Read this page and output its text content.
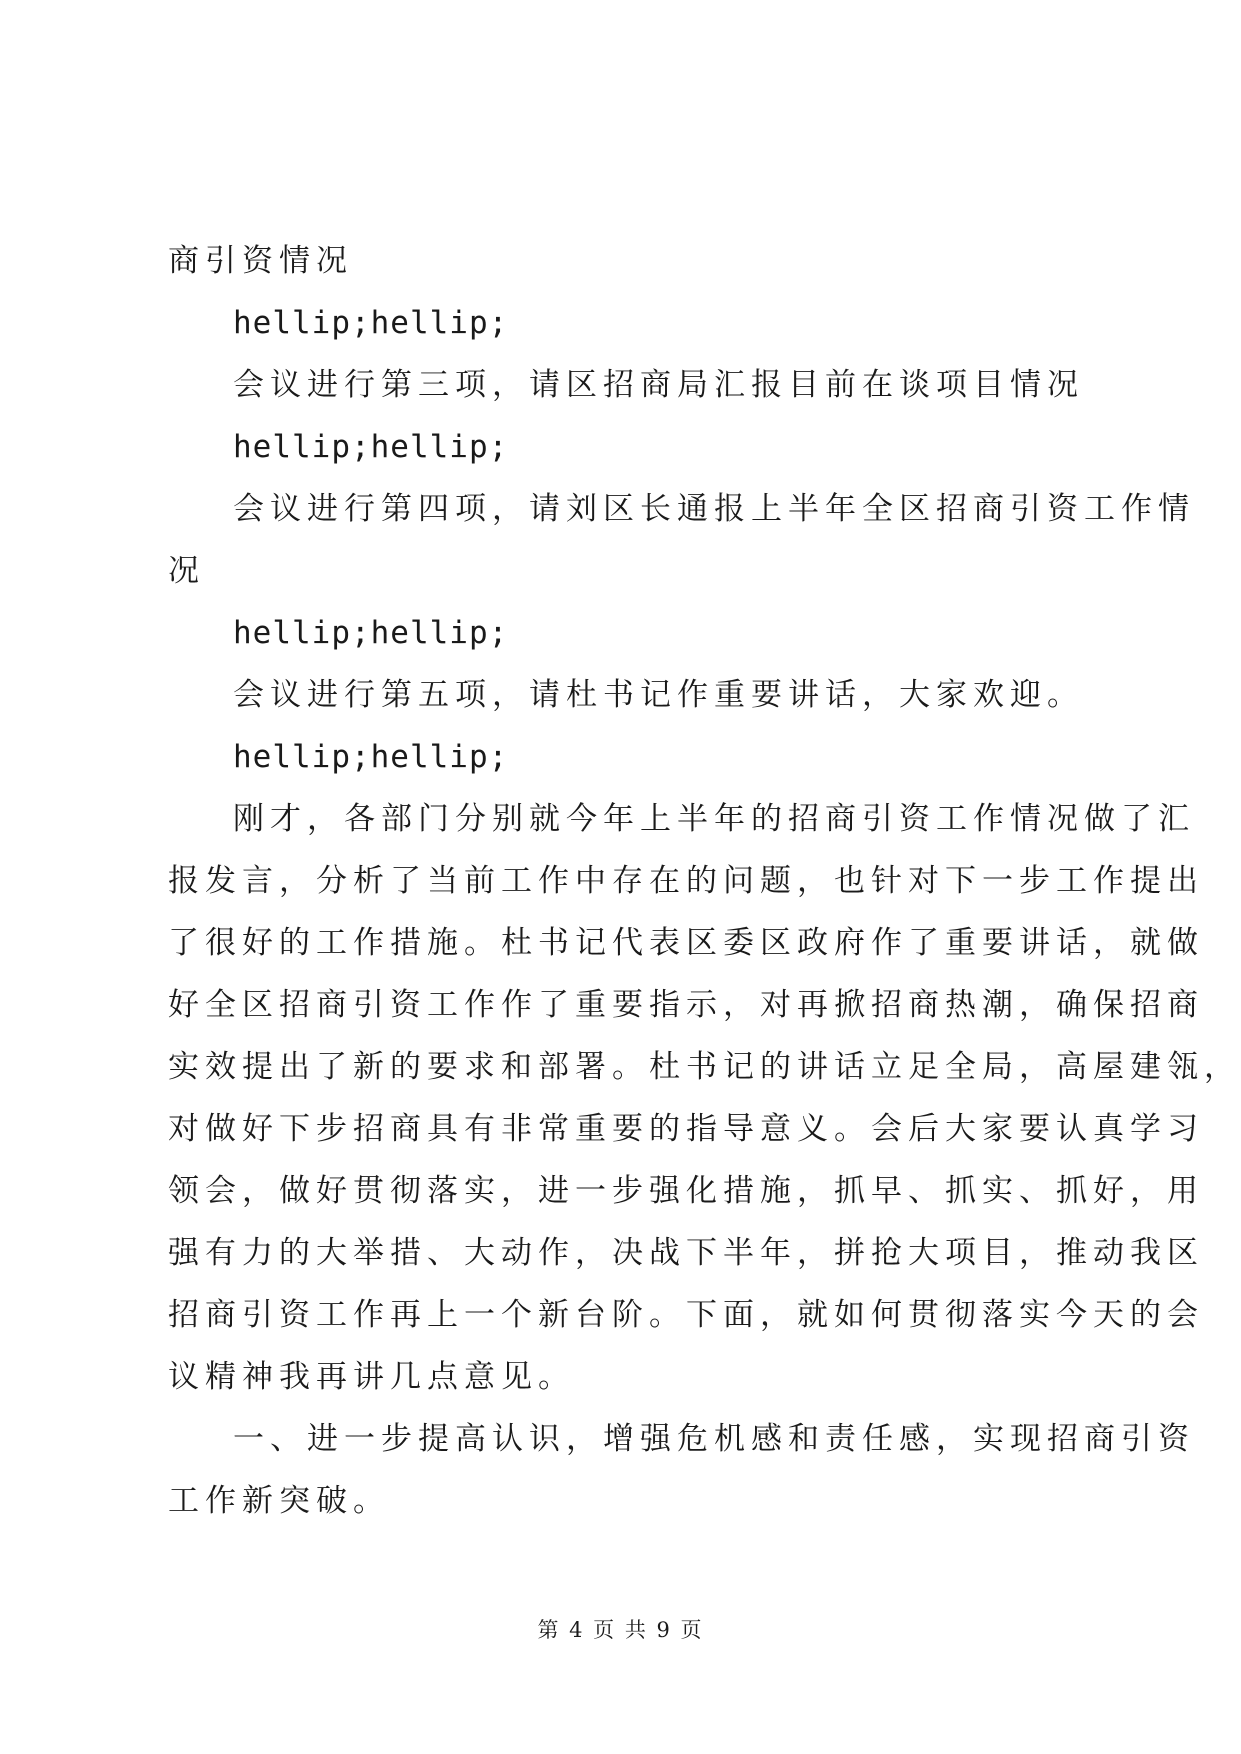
商引资情况
hellip;hellip;
会议进行第三项，请区招商局汇报目前在谈项目情况
hellip;hellip;
会议进行第四项，请刘区长通报上半年全区招商引资工作情
况
hellip;hellip;
会议进行第五项，请杜书记作重要讲话，大家欢迎。
hellip;hellip;
刚才，各部门分别就今年上半年的招商引资工作情况做了汇
报发言，分析了当前工作中存在的问题，也针对下一步工作提出
了很好的工作措施。杜书记代表区委区政府作了重要讲话，就做
好全区招商引资工作作了重要指示，对再掀招商热潮，确保招商
实效提出了新的要求和部署。杜书记的讲话立足全局，高屋建瓴，
对做好下步招商具有非常重要的指导意义。会后大家要认真学习
领会，做好贯彻落实，进一步强化措施，抓早、抓实、抓好，用
强有力的大举措、大动作，决战下半年，拼抢大项目，推动我区
招商引资工作再上一个新台阶。下面，就如何贯彻落实今天的会
议精神我再讲几点意见。
一、进一步提高认识，增强危机感和责任感，实现招商引资
工作新突破。
第 4 页 共 9 页
